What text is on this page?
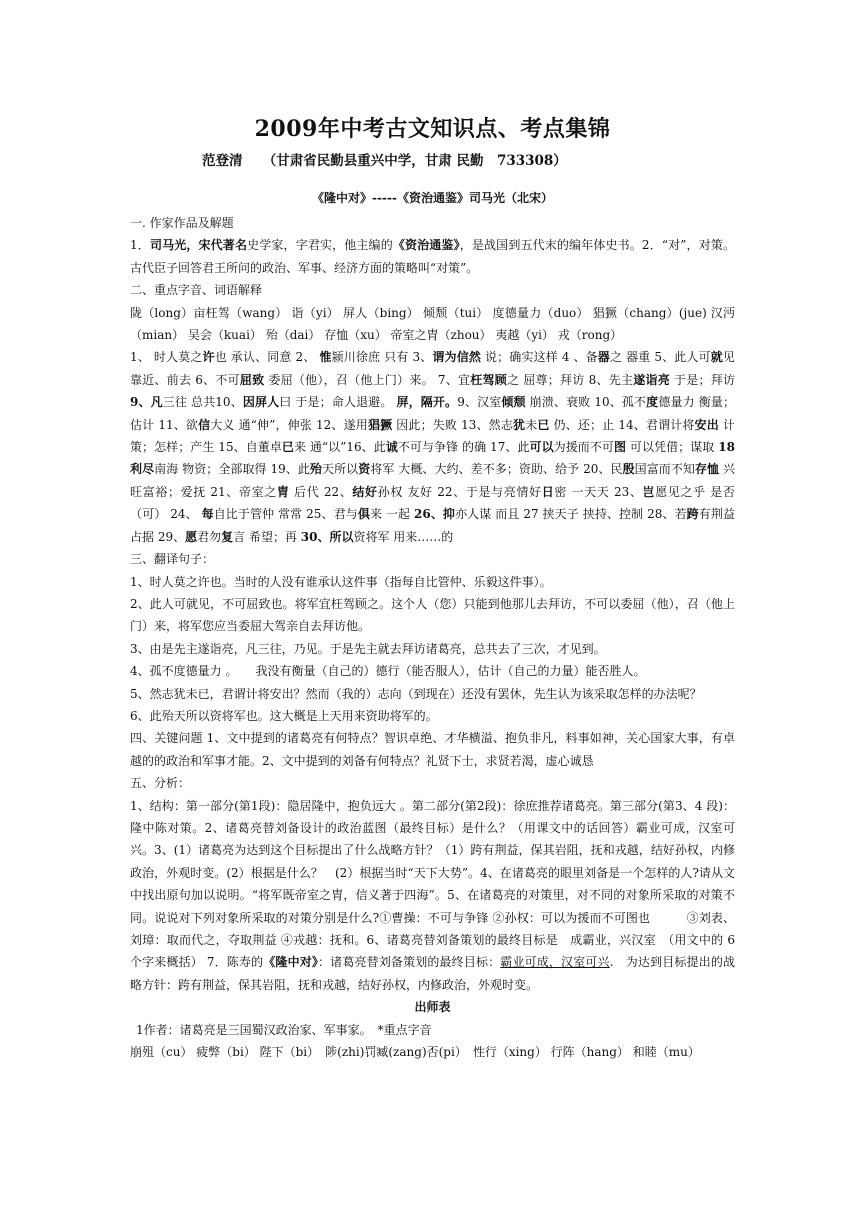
2009年中考古文知识点、考点集锦
范登清　　（甘肃省民勤县重兴中学，甘肃 民勤　733308）
《隆中对》-----《资治通鉴》司马光（北宋）

一. 作家作品及解题

1．司马光，宋代著名史学家，字君实，他主编的《资治通鉴》，是战国到五代末的编年体史书。2．“对”，对策。古代臣子回答君王所问的政治、军事、经济方面的策略叫“对策”。

二、重点字音、词语解释

陇（long）亩枉驾（wang） 诣（yi） 屏人（bing） 倾颓（tui） 度德量力（duo） 猖獗（chang）(jue) 汉沔（mian） 吴会（kuai） 殆（dai） 存恤（xu） 帝室之胄（zhou） 夷越（yi） 戎（rong）

1、 时人莫之许也 承认、同意 2、 惟颍川徐庶 只有 3、谓为信然 说；确实这样 4 、备器之 器重 5、此人可就见 靠近、前去 6、不可屈致 委屈（他），召（他上门）来。 7、宜枉驾顾之 屈尊；拜访 8、先主遂诣亮 于是；拜访 9、凡三往 总共10、因屏人曰 于是；命人退避。 屏，隔开。9、汉室倾颓 崩溃、衰败 10、孤不度德量力 衡量；估计 11、欲信大义 通“伸”，伸张 12、遂用猖獗 因此；失败 13、然志犹未已 仍、还；止 14、君谓计将安出 计策；怎样；产生 15、自董卓已来 通“以”16、此诚不可与争锋 的确 17、此可以为援而不可图 可以凭借；谋取 18 利尽南海 物资；全部取得 19、此殆天所以资将军 大概、大约、差不多；资助、给予 20、民殷国富而不知存恤 兴旺富裕；爱抚 21、帝室之胄 后代 22、结好孙权 友好 22、于是与亮情好日密 一天天 23、岂愿见之乎 是否（可） 24、 每自比于管仲 常常 25、君与俱来 一起 26、抑亦人谋 而且 27 挟天子 挟持、控制 28、若跨有荆益 占据 29、愿君勿复言 希望；再 30、所以资将军 用来……的

三、翻译句子：

1、时人莫之许也。当时的人没有谁承认这件事（指每自比管仲、乐毅这件事）。

2、此人可就见，不可屈致也。将军宜枉驾顾之。这个人（您）只能到他那儿去拜访，不可以委屈（他），召（他上门）来，将军您应当委屈大驾亲自去拜访他。

3、由是先主遂诣亮，凡三往，乃见。于是先主就去拜访诸葛亮，总共去了三次，才见到。

4、孤不度德量力 。　　我没有衡量（自己的）德行（能否服人），估计（自己的力量）能否胜人。

5、然志犹未已，君谓计将安出？然而（我的）志向（到现在）还没有罢休，先生认为该采取怎样的办法呢？

6、此殆天所以资将军也。这大概是上天用来资助将军的。

四、关键问题 1、文中提到的诸葛亮有何特点？智识卓绝、才华横溢、抱负非凡，料事如神，关心国家大事，有卓越的的政治和军事才能。2、文中提到的刘备有何特点？礼贤下士，求贤若渴，虚心诚恳

五、分析：

1、结构：第一部分(第1段)：隐居隆中，抱负远大 。第二部分(第2段)：徐庶推荐诸葛亮。第三部分(第3、4 段)：隆中陈对策。2、诸葛亮替刘备设计的政治蓝图（最终目标）是什么？（用课文中的话回答）霸业可成，汉室可兴。3、(1）诸葛亮为达到这个目标提出了什么战略方针？（1）跨有荆益，保其岩阻，抚和戎越，结好孙权，内修政治，外观时变。(2）根据是什么？　(2）根据当时“天下大势”。4、在诸葛亮的眼里刘备是一个怎样的人?请从文中找出原句加以说明。“将军既帝室之胄，信义著于四海”。5、在诸葛亮的对策里，对不同的对象所采取的对策不同。说说对下列对象所采取的对策分别是什么?①曹操：不可与争锋 ②孙权：可以为援而不可图也　　　③刘表、刘璋：取而代之，夺取荆益 ④戎越：抚和。6、诸葛亮替刘备策划的最终目标是　成霸业，兴汉室　（用文中的 6 个字来概括） 7．陈寿的《隆中对》：诸葛亮替刘备策划的最终目标：霸业可成，汉室可兴.　为达到目标提出的战略方针：跨有荆益，保其岩阻，抚和戎越，结好孙权，内修政治，外观时变。

出师表

1作者：诸葛亮是三国蜀汉政治家、军事家。　*重点字音

崩殂（cu） 疲弊（bi） 陛下（bi）　陟(zhi)罚臧(zang)否(pi）　性行（xing） 行阵（hang） 和睦（mu）
